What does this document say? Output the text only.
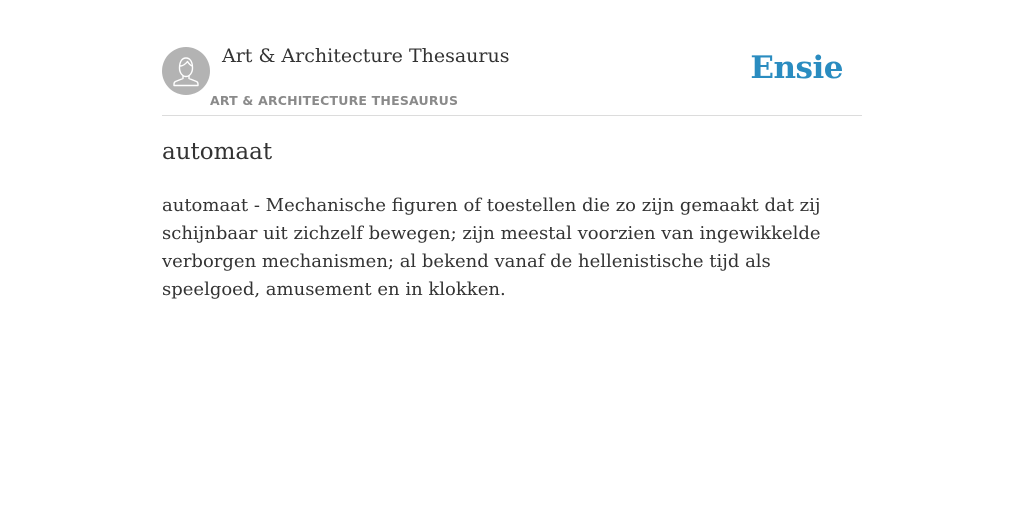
Art & Architecture Thesaurus
ART & ARCHITECTURE THESAURUS
Ensie
automaat

automaat - Mechanische figuren of toestellen die zo zijn gemaakt dat zij schijnbaar uit zichzelf bewegen; zijn meestal voorzien van ingewikkelde verborgen mechanismen; al bekend vanaf de hellenistische tijd als speelgoed, amusement en in klokken.
